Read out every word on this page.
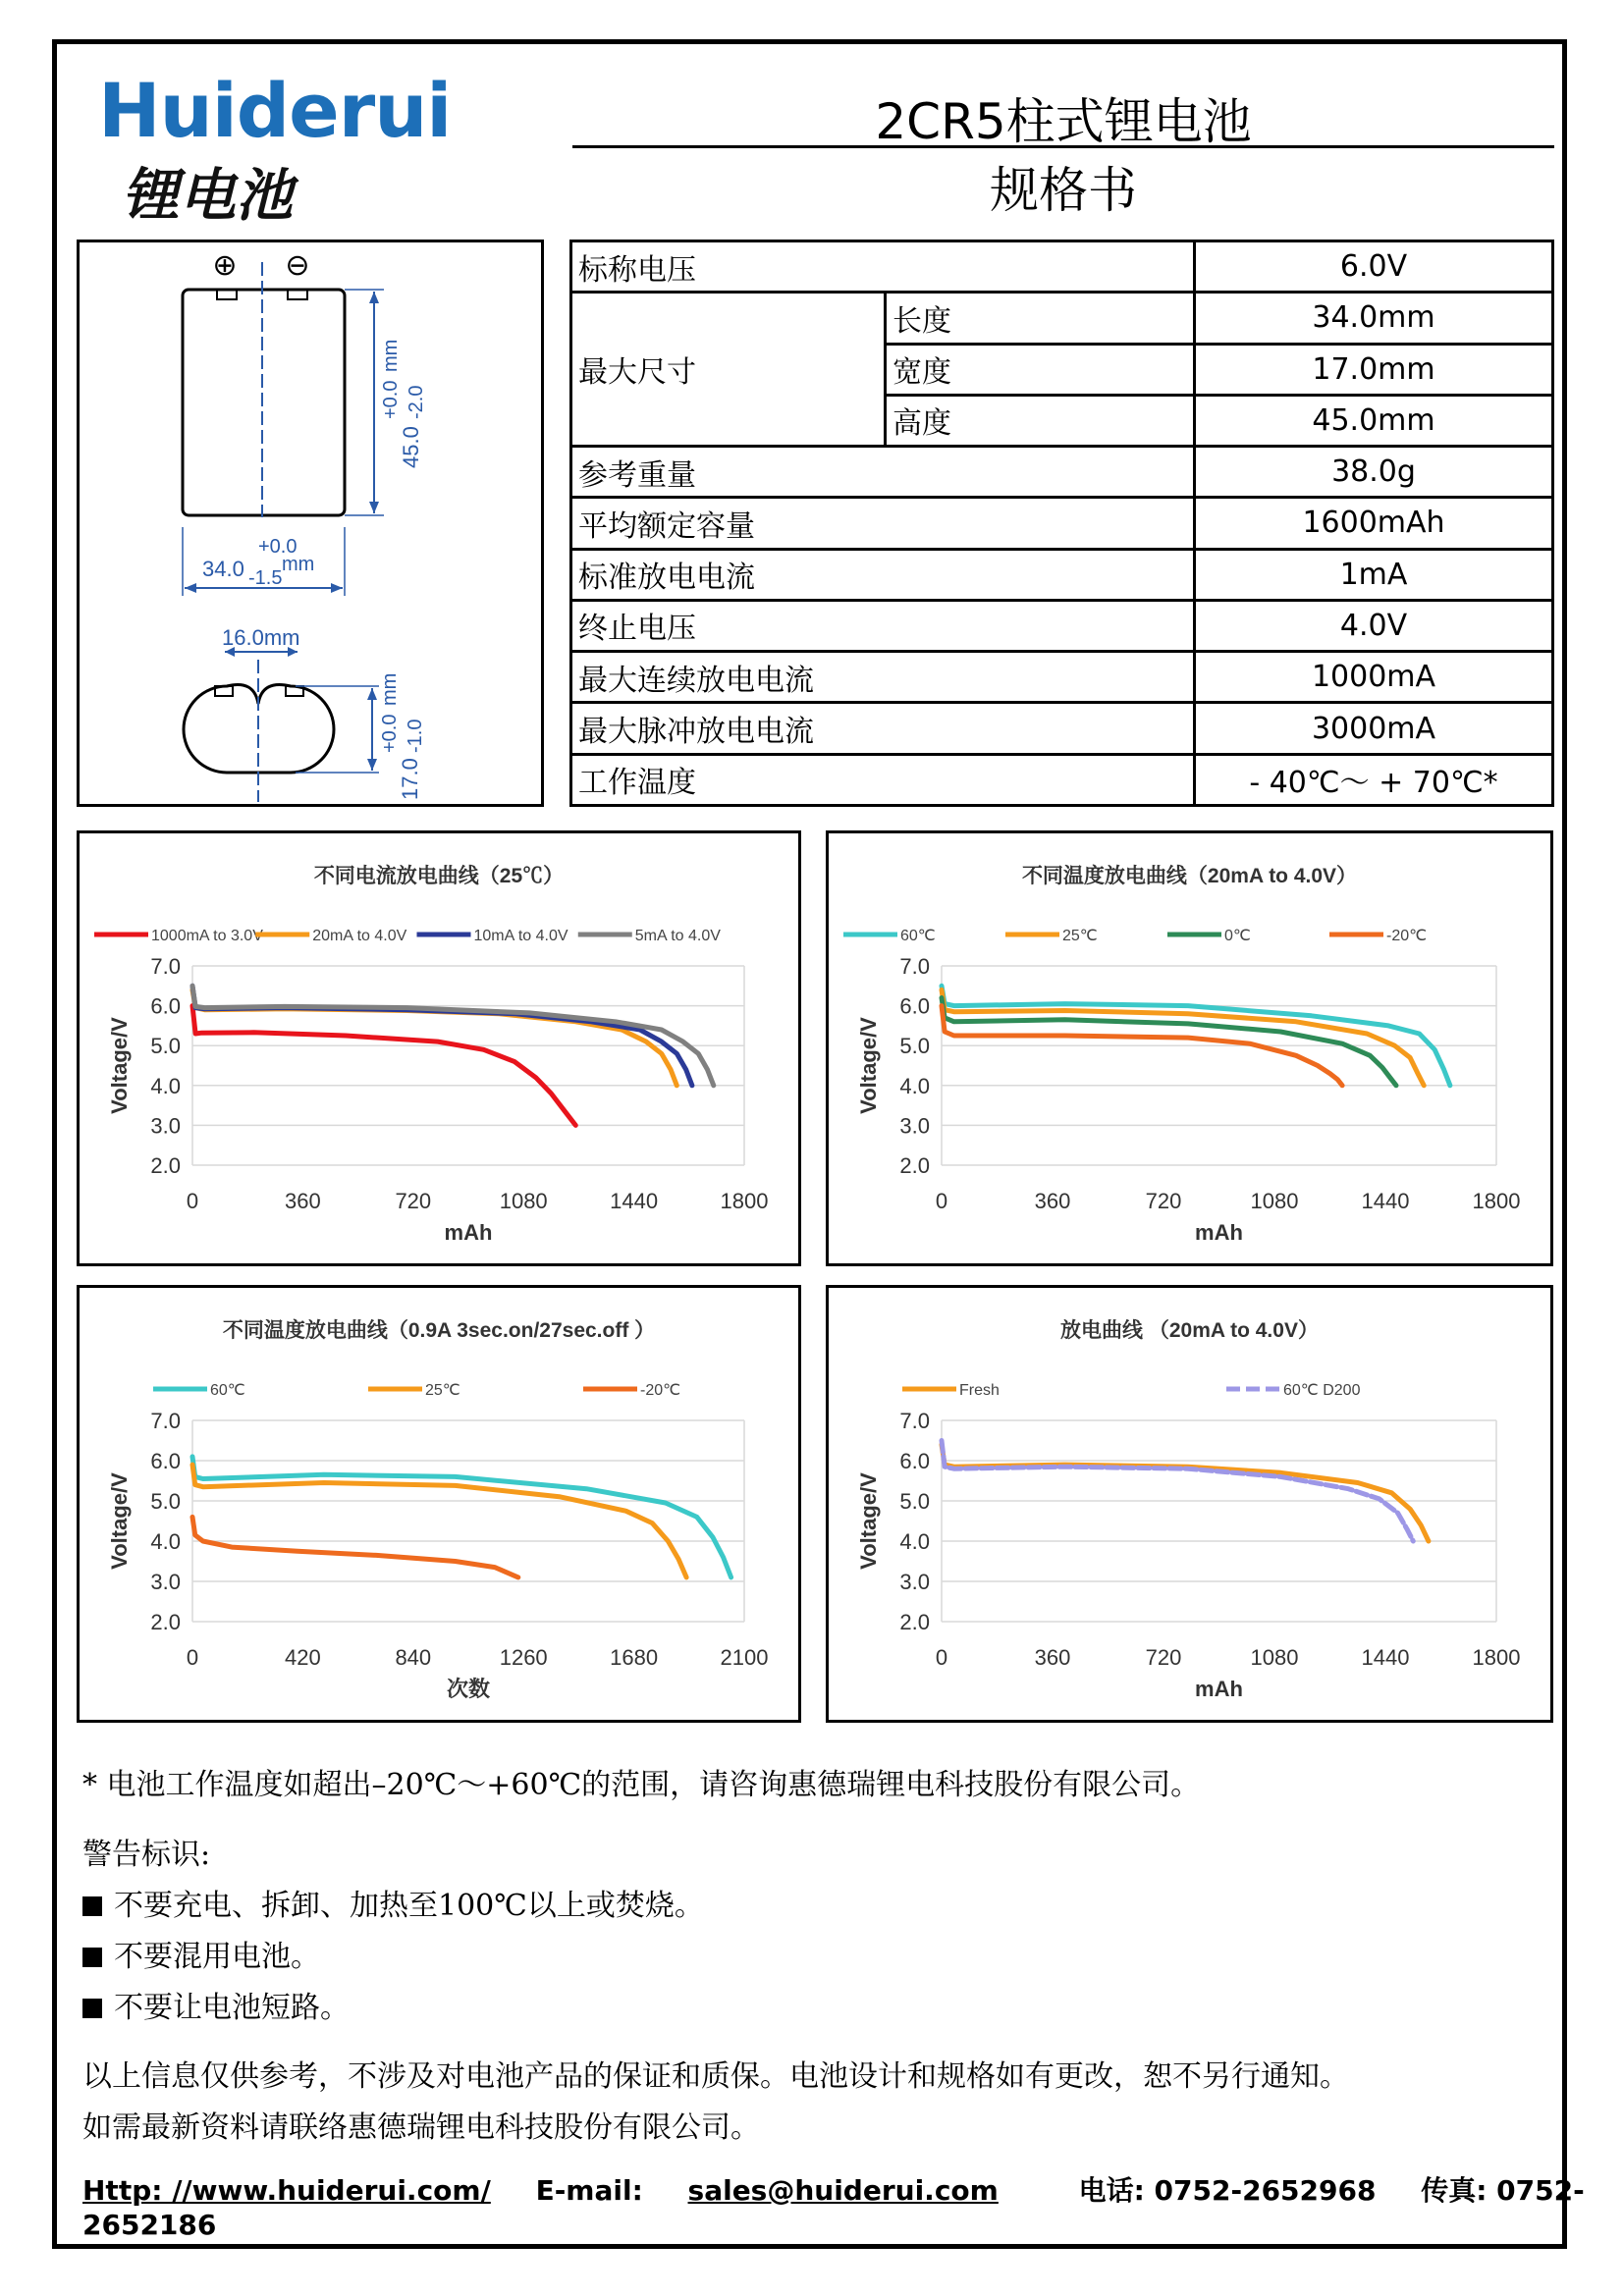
Huiderui
锂电池
2CR5柱式锂电池
规格书
⊕ ⊖
45.0
+0.0 -2.0
mm
+0.0
34.0 -1.5
mm
16.0mm
17.0
+0.0 -1.0
mm
标称电压		6.0V
最大尺寸	长度	34.0mm
	宽度	17.0mm
	高度	45.0mm
参考重量		38.0g
平均额定容量		1600mAh
标准放电电流		1mA
终止电压		4.0V
最大连续放电电流		1000mA
最大脉冲放电电流		3000mA
工作温度		- 40℃～ + 70℃*
不同电流放电曲线（25℃）
1000mA to 3.0V	20mA to 4.0V	10mA to 4.0V	5mA to 4.0V
2.0
3.0
4.0
5.0
6.0
7.0
0	360	720	1080	1440	1800
mAh
Voltage/V
不同温度放电曲线（20mA to 4.0V）
60℃	25℃	0℃	-20℃
2.0
3.0
4.0
5.0
6.0
7.0
0	360	720	1080	1440	1800
mAh
Voltage/V
不同温度放电曲线（0.9A 3sec.on/27sec.off ）
60℃	25℃	-20℃
2.0
3.0
4.0
5.0
6.0
7.0
0	420	840	1260	1680	2100
次数
Voltage/V
放电曲线 （20mA to 4.0V）
Fresh	60℃ D200
2.0
3.0
4.0
5.0
6.0
7.0
0	360	720	1080	1440	1800
mAh
Voltage/V
* 电池工作温度如超出–20℃～+60℃的范围，请咨询惠德瑞锂电科技股份有限公司。
警告标识:
不要充电、拆卸、加热至100℃以上或焚烧。
不要混用电池。
不要让电池短路。
以上信息仅供参考，不涉及对电池产品的保证和质保。电池设计和规格如有更改，恕不另行通知。
如需最新资料请联络惠德瑞锂电科技股份有限公司。
Http: //www.huiderui.com/ E-mail: sales@huiderui.com	电话: 0752-2652968 传真: 0752-2652186
